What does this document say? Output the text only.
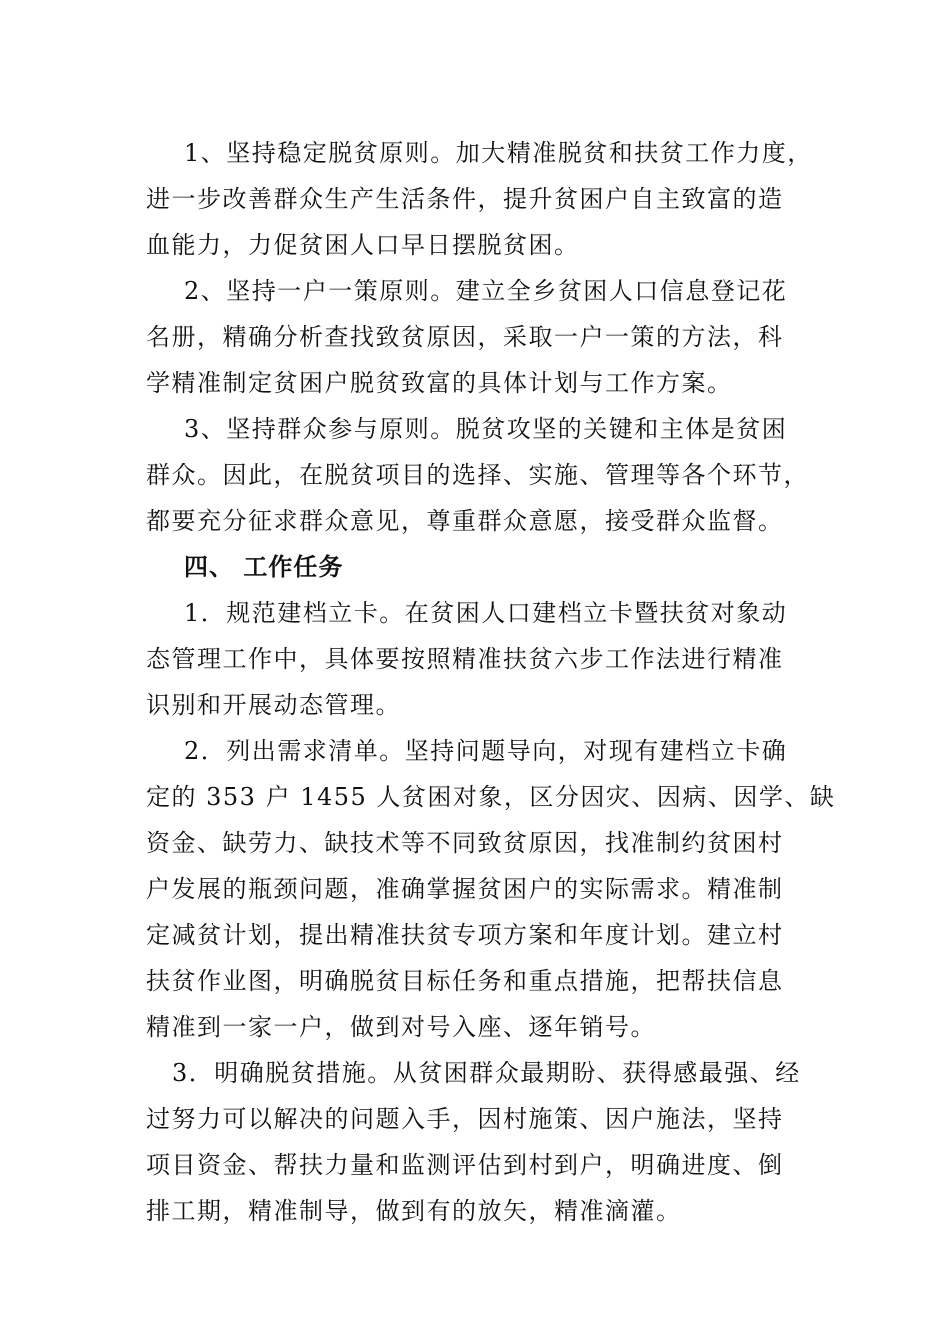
1、坚持稳定脱贫原则。加大精准脱贫和扶贫工作力度，
进一步改善群众生产生活条件，提升贫困户自主致富的造
血能力，力促贫困人口早日摆脱贫困。
2、坚持一户一策原则。建立全乡贫困人口信息登记花
名册，精确分析查找致贫原因，采取一户一策的方法，科
学精准制定贫困户脱贫致富的具体计划与工作方案。
3、坚持群众参与原则。脱贫攻坚的关键和主体是贫困
群众。因此，在脱贫项目的选择、实施、管理等各个环节，
都要充分征求群众意见，尊重群众意愿，接受群众监督。
四、 工作任务
1．规范建档立卡。在贫困人口建档立卡暨扶贫对象动
态管理工作中，具体要按照精准扶贫六步工作法进行精准
识别和开展动态管理。
2．列出需求清单。坚持问题导向，对现有建档立卡确
定的 353 户 1455 人贫困对象，区分因灾、因病、因学、缺
资金、缺劳力、缺技术等不同致贫原因，找准制约贫困村
户发展的瓶颈问题，准确掌握贫困户的实际需求。精准制
定减贫计划，提出精准扶贫专项方案和年度计划。建立村
扶贫作业图，明确脱贫目标任务和重点措施，把帮扶信息
精准到一家一户，做到对号入座、逐年销号。
3．明确脱贫措施。从贫困群众最期盼、获得感最强、经
过努力可以解决的问题入手，因村施策、因户施法，坚持
项目资金、帮扶力量和监测评估到村到户，明确进度、倒
排工期，精准制导，做到有的放矢，精准滴灌。
